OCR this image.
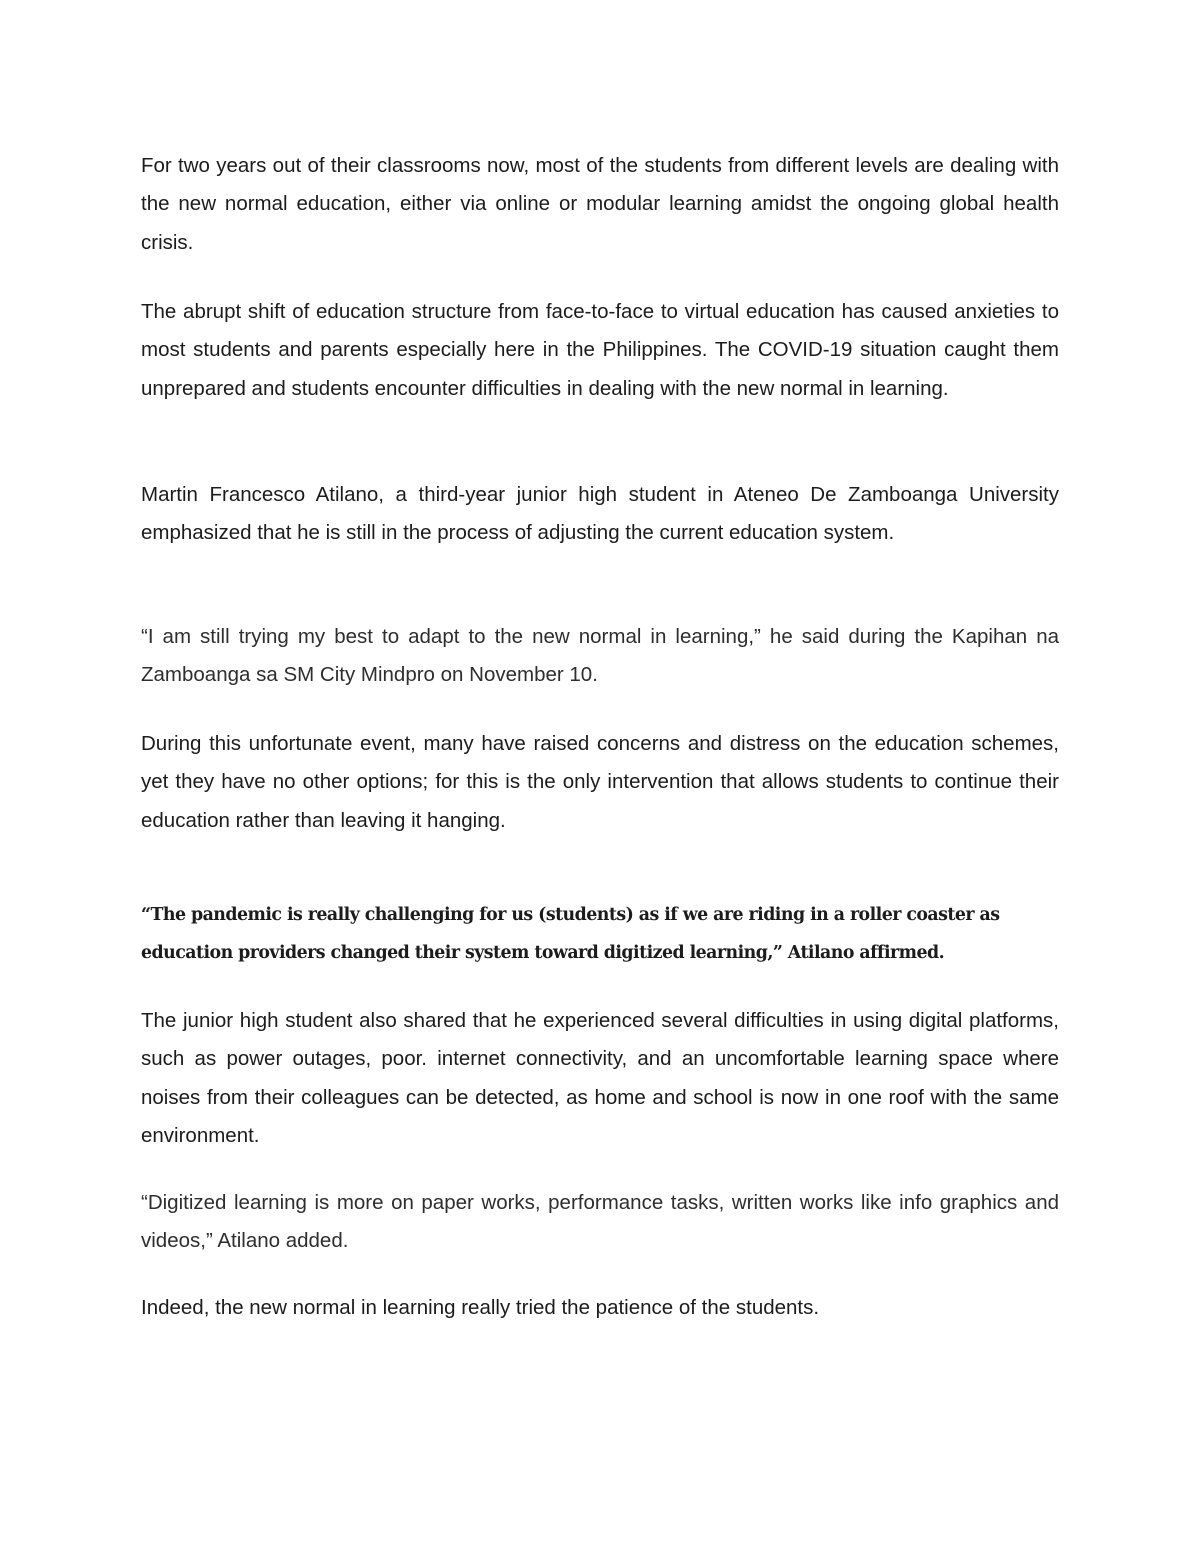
For two years out of their classrooms now, most of the students from different levels are dealing with the new normal education, either via online or modular learning amidst the ongoing global health crisis.

The abrupt shift of education structure from face-to-face to virtual education has caused anxieties to most students and parents especially here in the Philippines. The COVID-19 situation caught them unprepared and students encounter difficulties in dealing with the new normal in learning.

Martin Francesco Atilano, a third-year junior high student in Ateneo De Zamboanga University emphasized that he is still in the process of adjusting the current education system.

“I am still trying my best to adapt to the new normal in learning,” he said during the Kapihan na Zamboanga sa SM City Mindpro on November 10.

During this unfortunate event, many have raised concerns and distress on the education schemes, yet they have no other options; for this is the only intervention that allows students to continue their education rather than leaving it hanging.

“The pandemic is really challenging for us (students) as if we are riding in a roller coaster as education providers changed their system toward digitized learning,” Atilano affirmed.

The junior high student also shared that he experienced several difficulties in using digital platforms, such as power outages, poor. internet connectivity, and an uncomfortable learning space where noises from their colleagues can be detected, as home and school is now in one roof with the same environment.

“Digitized learning is more on paper works, performance tasks, written works like info graphics and videos,” Atilano added.

Indeed, the new normal in learning really tried the patience of the students.
